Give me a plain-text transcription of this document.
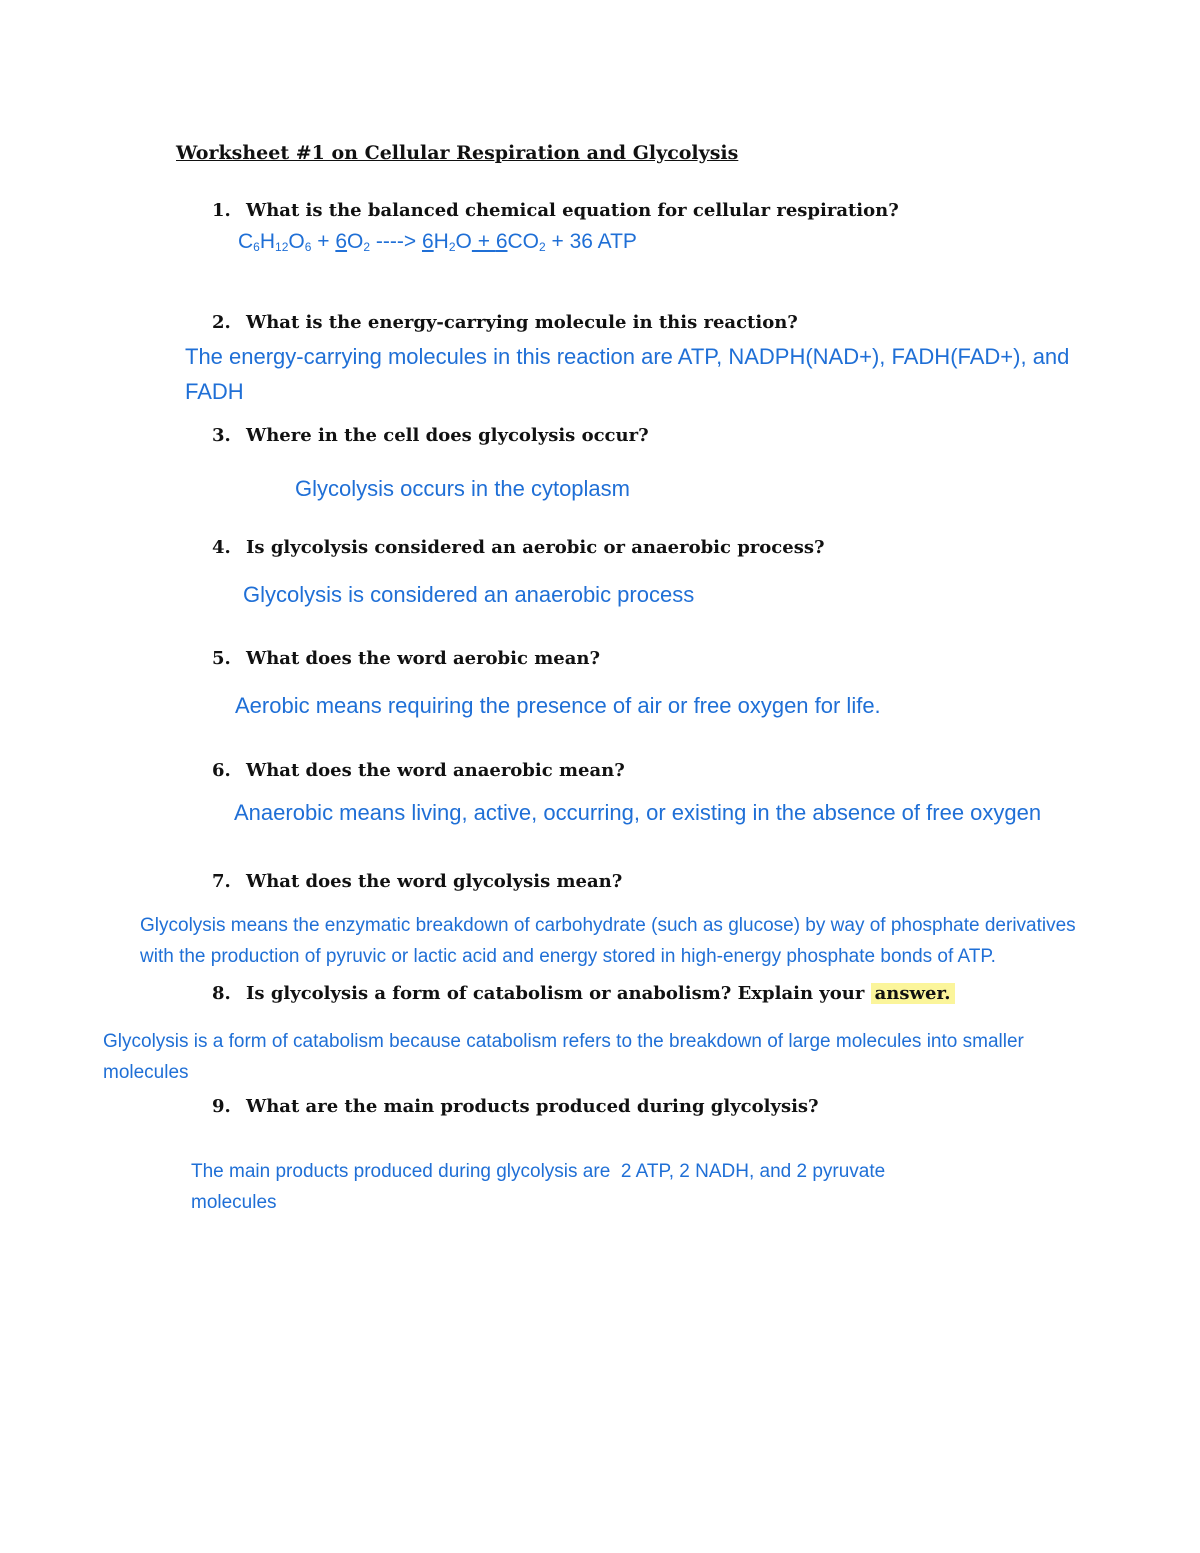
Worksheet #1 on Cellular Respiration and Glycolysis
1. What is the balanced chemical equation for cellular respiration?
$C_6H_{12}O_6 + 6O_2$ ----> $6H_2O + 6CO_2 + 36$ ATP
2. What is the energy-carrying molecule in this reaction?
The energy-carrying molecules in this reaction are ATP, NADPH(NAD+), FADH(FAD+), and
FADH
3. Where in the cell does glycolysis occur?
Glycolysis occurs in the cytoplasm
4. Is glycolysis considered an aerobic or anaerobic process?
Glycolysis is considered an anaerobic process
5. What does the word aerobic mean?
Aerobic means requiring the presence of air or free oxygen for life.
6. What does the word anaerobic mean?
Anaerobic means living, active, occurring, or existing in the absence of free oxygen
7. What does the word glycolysis mean?
Glycolysis means the enzymatic breakdown of carbohydrate (such as glucose) by way of phosphate derivatives
with the production of pyruvic or lactic acid and energy stored in high-energy phosphate bonds of ATP.
8. Is glycolysis a form of catabolism or anabolism? Explain your answer.
Glycolysis is a form of catabolism because catabolism refers to the breakdown of large molecules into smaller
molecules
9. What are the main products produced during glycolysis?
The main products produced during glycolysis are  2 ATP, 2 NADH, and 2 pyruvate
molecules
